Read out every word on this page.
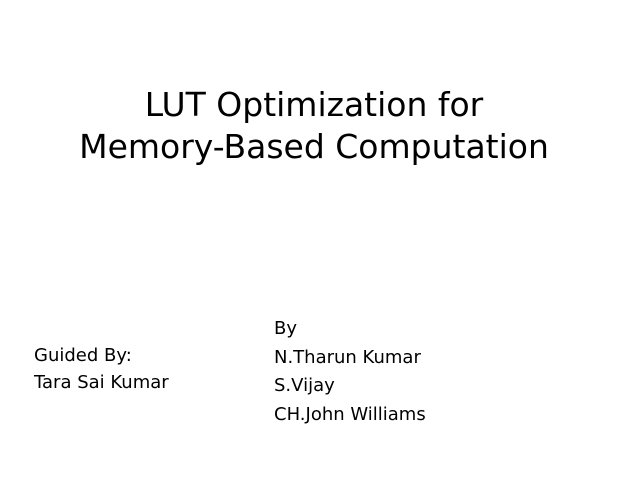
LUT Optimization for
Memory-Based Computation
Guided By:
Tara Sai Kumar
By
N.Tharun Kumar
S.Vijay
CH.John Williams
